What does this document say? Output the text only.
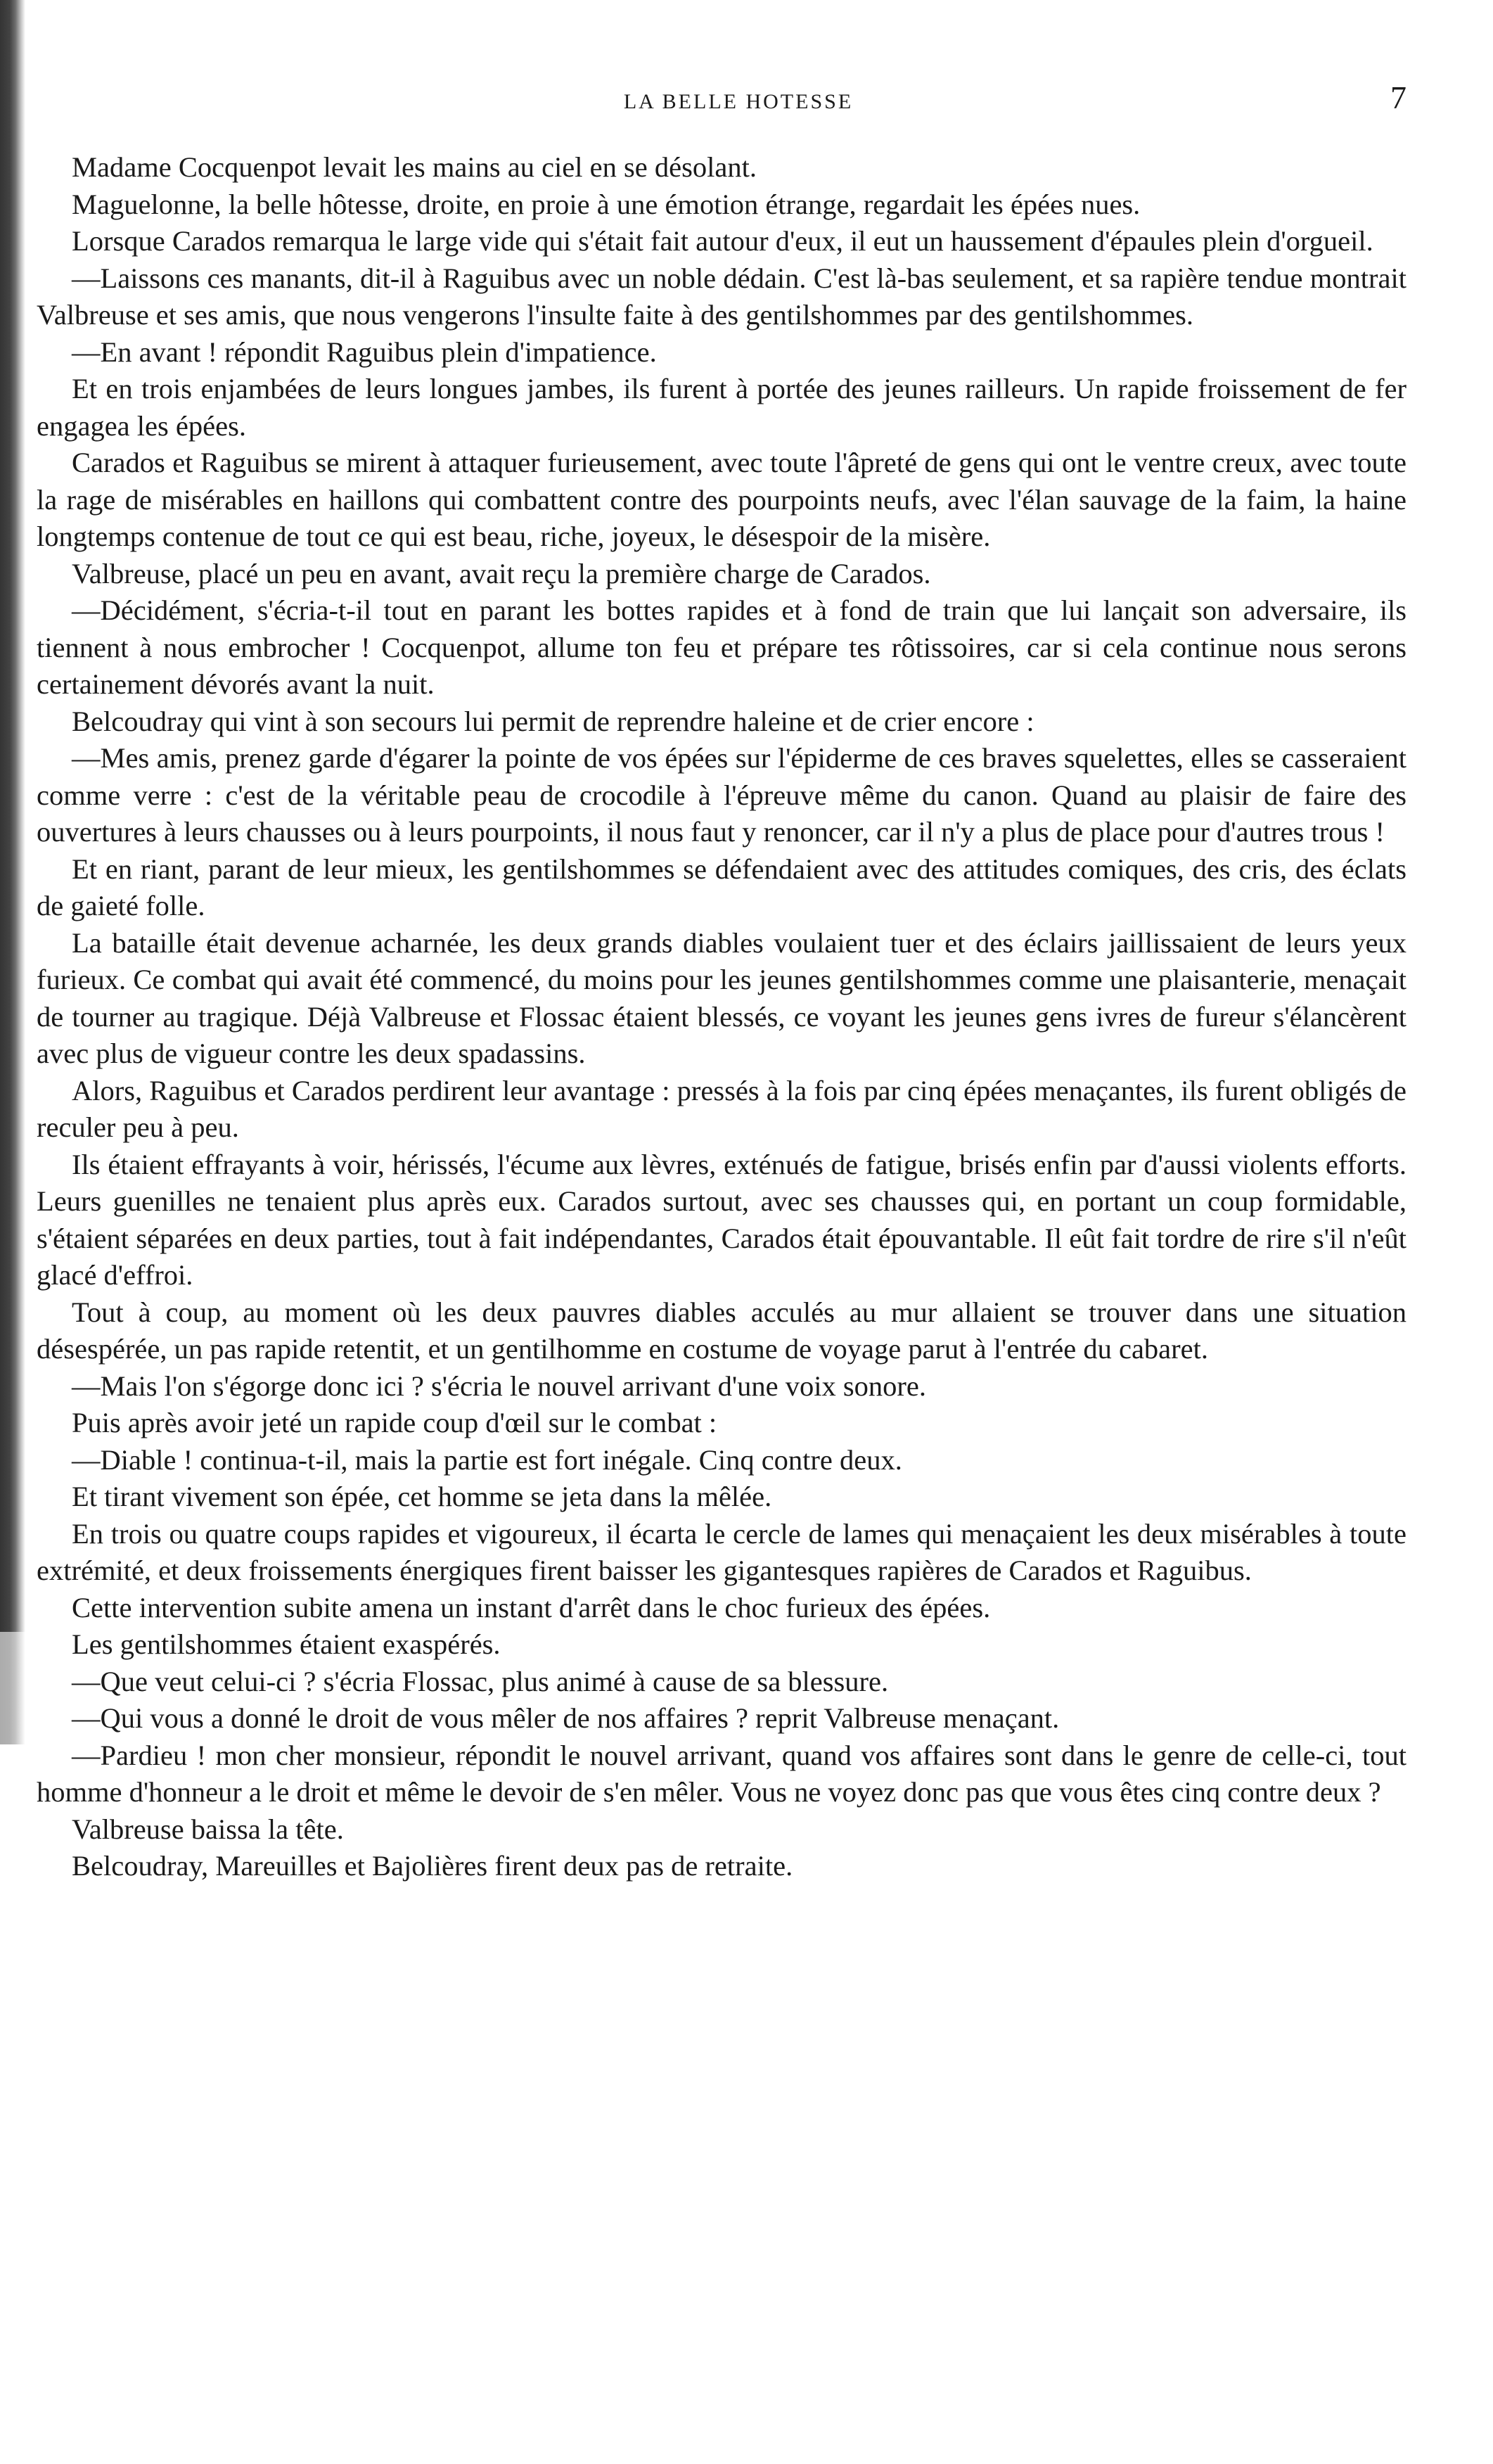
LA BELLE HOTESSE	7

Madame Cocquenpot levait les mains au ciel en se désolant.

Maguelonne, la belle hôtesse, droite, en proie à une émotion étrange, regardait les épées nues.

Lorsque Carados remarqua le large vide qui s'était fait autour d'eux, il eut un haussement d'épaules plein d'orgueil.

—Laissons ces manants, dit-il à Raguibus avec un noble dédain. C'est là-bas seulement, et sa rapière tendue montrait Valbreuse et ses amis, que nous vengerons l'insulte faite à des gentilshommes par des gentilshommes.

—En avant ! répondit Raguibus plein d'impatience.

Et en trois enjambées de leurs longues jambes, ils furent à portée des jeunes railleurs. Un rapide froissement de fer engagea les épées.

Carados et Raguibus se mirent à attaquer furieusement, avec toute l'âpreté de gens qui ont le ventre creux, avec toute la rage de misérables en haillons qui combattent contre des pourpoints neufs, avec l'élan sauvage de la faim, la haine longtemps contenue de tout ce qui est beau, riche, joyeux, le désespoir de la misère.

Valbreuse, placé un peu en avant, avait reçu la première charge de Carados.

—Décidément, s'écria-t-il tout en parant les bottes rapides et à fond de train que lui lançait son adversaire, ils tiennent à nous embrocher ! Cocquenpot, allume ton feu et prépare tes rôtissoires, car si cela continue nous serons certainement dévorés avant la nuit.

Belcoudray qui vint à son secours lui permit de reprendre haleine et de crier encore :

—Mes amis, prenez garde d'égarer la pointe de vos épées sur l'épiderme de ces braves squelettes, elles se casseraient comme verre : c'est de la véritable peau de crocodile à l'épreuve même du canon. Quand au plaisir de faire des ouvertures à leurs chausses ou à leurs pourpoints, il nous faut y renoncer, car il n'y a plus de place pour d'autres trous !

Et en riant, parant de leur mieux, les gentilshommes se défendaient avec des attitudes comiques, des cris, des éclats de gaieté folle.

La bataille était devenue acharnée, les deux grands diables voulaient tuer et des éclairs jaillissaient de leurs yeux furieux. Ce combat qui avait été commencé, du moins pour les jeunes gentilshommes comme une plaisanterie, menaçait de tourner au tragique. Déjà Valbreuse et Flossac étaient blessés, ce voyant les jeunes gens ivres de fureur s'élancèrent avec plus de vigueur contre les deux spadassins.

Alors, Raguibus et Carados perdirent leur avantage : pressés à la fois par cinq épées menaçantes, ils furent obligés de reculer peu à peu.

Ils étaient effrayants à voir, hérissés, l'écume aux lèvres, exténués de fatigue, brisés enfin par d'aussi violents efforts. Leurs guenilles ne tenaient plus après eux. Carados surtout, avec ses chausses qui, en portant un coup formidable, s'étaient séparées en deux parties, tout à fait indépendantes, Carados était épouvantable. Il eût fait tordre de rire s'il n'eût glacé d'effroi.

Tout à coup, au moment où les deux pauvres diables acculés au mur allaient se trouver dans une situation désespérée, un pas rapide retentit, et un gentilhomme en costume de voyage parut à l'entrée du cabaret.

—Mais l'on s'égorge donc ici ? s'écria le nouvel arrivant d'une voix sonore.

Puis après avoir jeté un rapide coup d'œil sur le combat :

—Diable ! continua-t-il, mais la partie est fort inégale. Cinq contre deux.

Et tirant vivement son épée, cet homme se jeta dans la mêlée.

En trois ou quatre coups rapides et vigoureux, il écarta le cercle de lames qui menaçaient les deux misérables à toute extrémité, et deux froissements énergiques firent baisser les gigantesques rapières de Carados et Raguibus.

Cette intervention subite amena un instant d'arrêt dans le choc furieux des épées.

Les gentilshommes étaient exaspérés.

—Que veut celui-ci ? s'écria Flossac, plus animé à cause de sa blessure.

—Qui vous a donné le droit de vous mêler de nos affaires ? reprit Valbreuse menaçant.

—Pardieu ! mon cher monsieur, répondit le nouvel arrivant, quand vos affaires sont dans le genre de celle-ci, tout homme d'honneur a le droit et même le devoir de s'en mêler. Vous ne voyez donc pas que vous êtes cinq contre deux ?

Valbreuse baissa la tête.

Belcoudray, Mareuilles et Bajolières firent deux pas de retraite.
